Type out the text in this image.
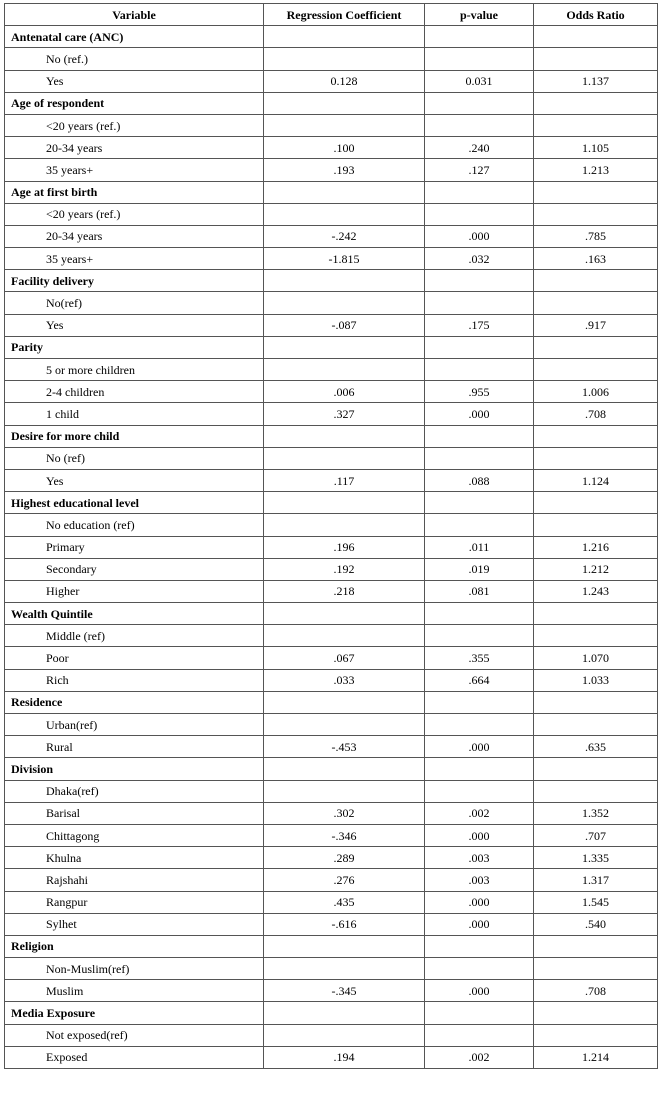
Variable	Regression Coefficient	p-value	Odds Ratio
Antenatal care (ANC)			
No (ref.)			
Yes	0.128	0.031	1.137
Age of respondent			
<20 years (ref.)			
20-34 years	.100	.240	1.105
35 years+	.193	.127	1.213
Age at first birth			
<20 years (ref.)			
20-34 years	-.242	.000	.785
35 years+	-1.815	.032	.163
Facility delivery			
No(ref)			
Yes	-.087	.175	.917
Parity			
5 or more children			
2-4 children	.006	.955	1.006
1 child	.327	.000	.708
Desire for more child			
No (ref)			
Yes	.117	.088	1.124
Highest educational level			
No education (ref)			
Primary	.196	.011	1.216
Secondary	.192	.019	1.212
Higher	.218	.081	1.243
Wealth Quintile			
Middle (ref)			
Poor	.067	.355	1.070
Rich	.033	.664	1.033
Residence			
Urban(ref)			
Rural	-.453	.000	.635
Division			
Dhaka(ref)			
Barisal	.302	.002	1.352
Chittagong	-.346	.000	.707
Khulna	.289	.003	1.335
Rajshahi	.276	.003	1.317
Rangpur	.435	.000	1.545
Sylhet	-.616	.000	.540
Religion			
Non-Muslim(ref)			
Muslim	-.345	.000	.708
Media Exposure			
Not exposed(ref)			
Exposed	.194	.002	1.214
